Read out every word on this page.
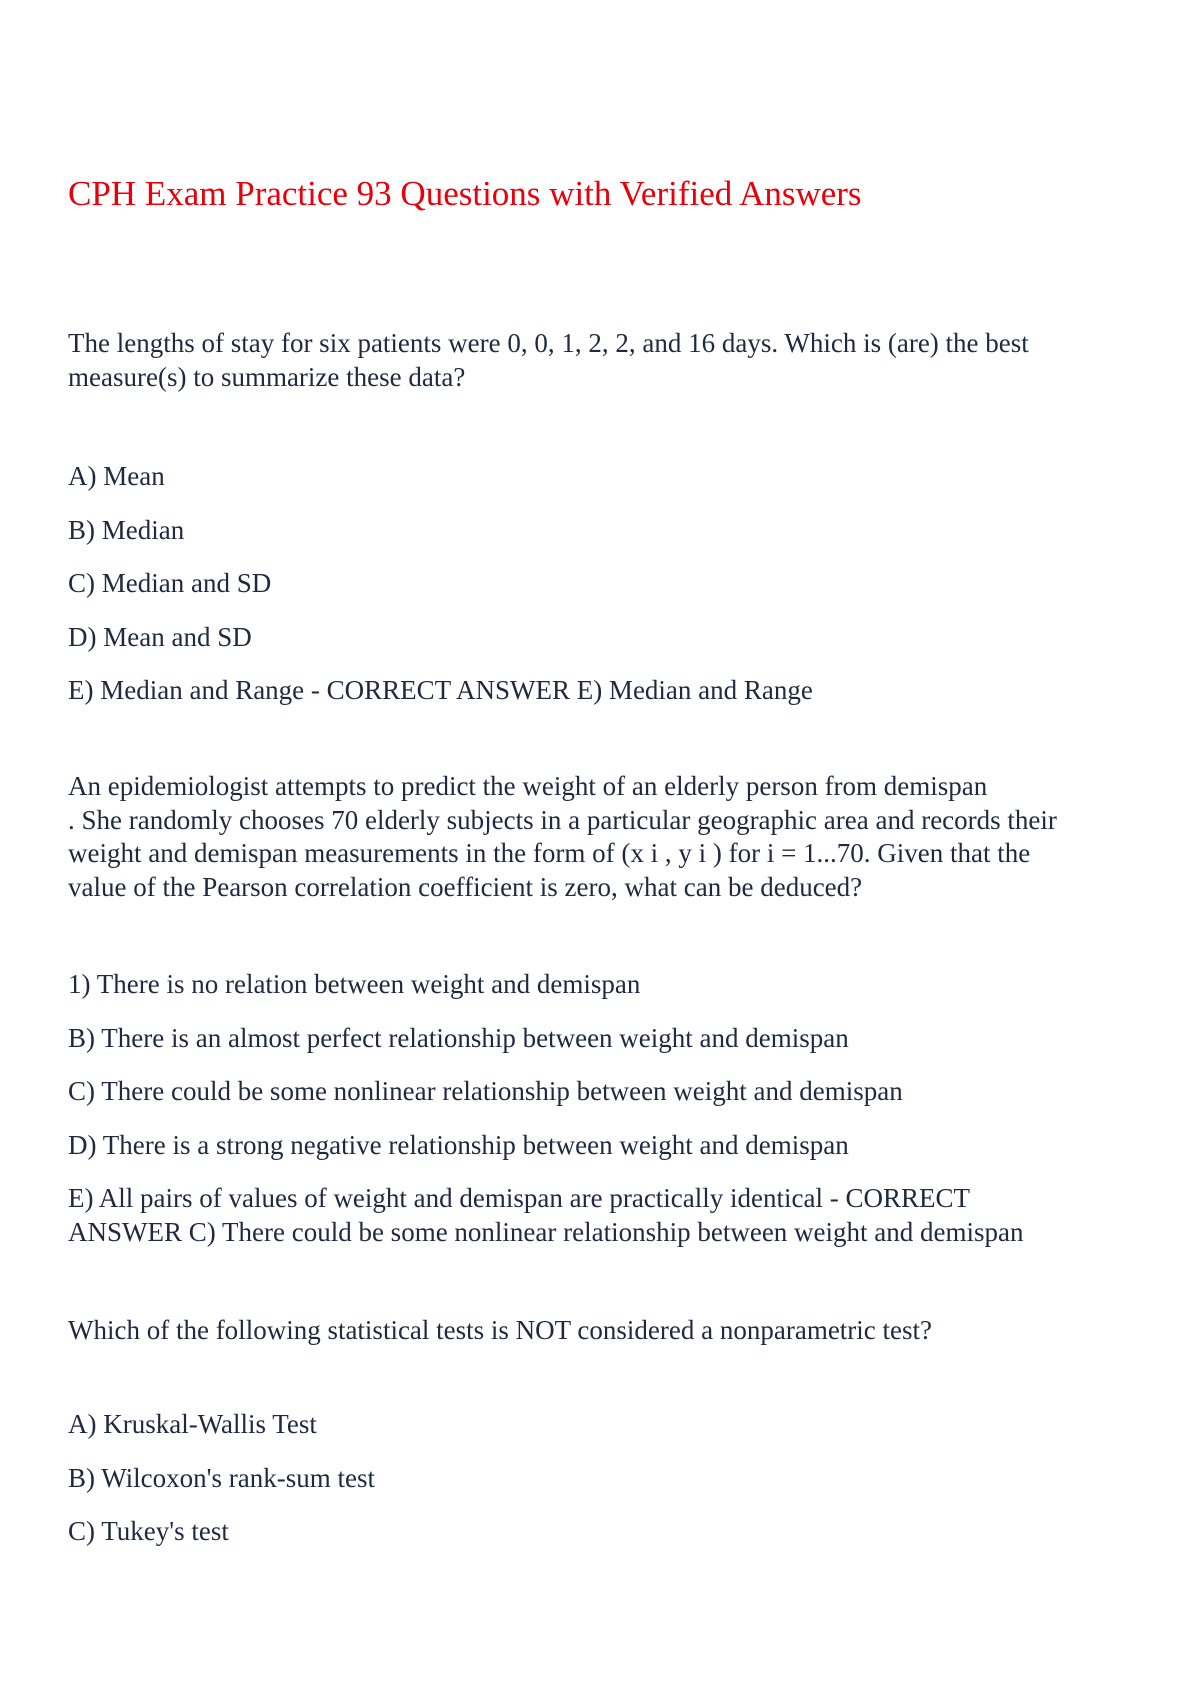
CPH Exam Practice 93 Questions with Verified Answers
The lengths of stay for six patients were 0, 0, 1, 2, 2, and 16 days. Which is (are) the best
measure(s) to summarize these data?
A) Mean
B) Median
C) Median and SD
D) Mean and SD
E) Median and Range - CORRECT ANSWER E) Median and Range
An epidemiologist attempts to predict the weight of an elderly person from demispan
. She randomly chooses 70 elderly subjects in a particular geographic area and records their
weight and demispan measurements in the form of (x i , y i ) for i = 1...70. Given that the
value of the Pearson correlation coefficient is zero, what can be deduced?
1) There is no relation between weight and demispan
B) There is an almost perfect relationship between weight and demispan
C) There could be some nonlinear relationship between weight and demispan
D) There is a strong negative relationship between weight and demispan
E) All pairs of values of weight and demispan are practically identical - CORRECT
ANSWER C) There could be some nonlinear relationship between weight and demispan
Which of the following statistical tests is NOT considered a nonparametric test?
A) Kruskal-Wallis Test
B) Wilcoxon's rank-sum test
C) Tukey's test
